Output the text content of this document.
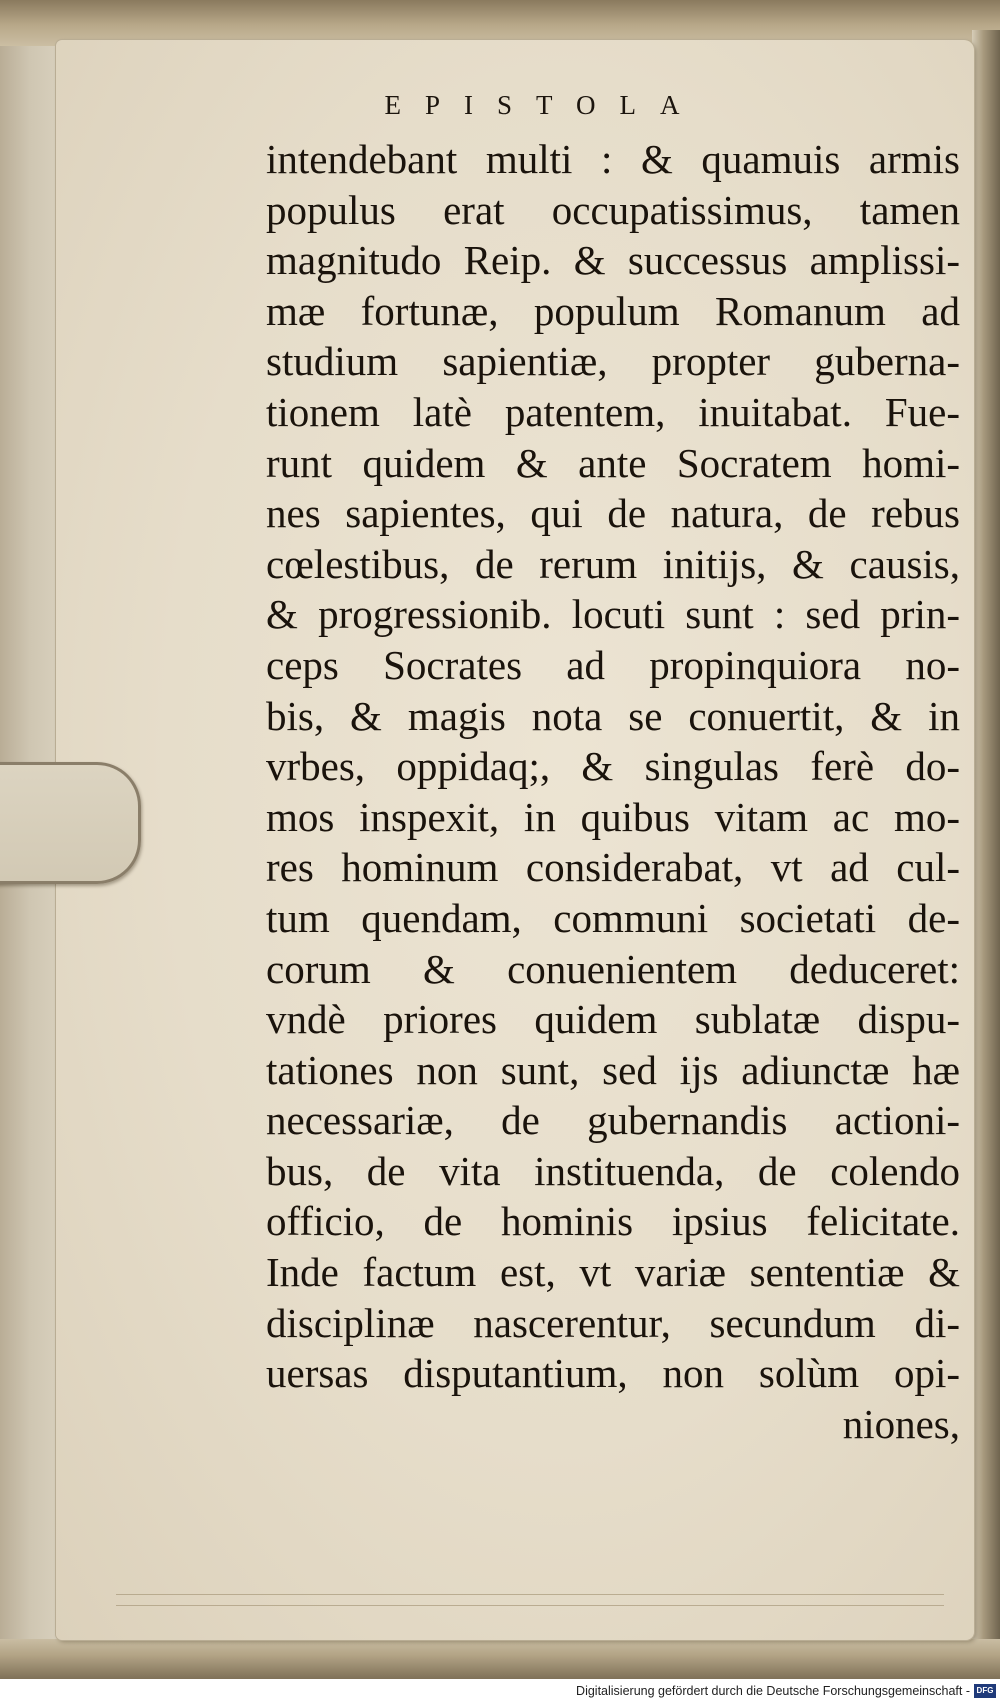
EPISTOLA
intendebant multi : & quamuis armis
populus erat occupatissimus, tamen
magnitudo Reip. & successus amplissi-
mæ fortunæ, populum Romanum ad
studium sapientiæ, propter guberna-
tionem latè patentem, inuitabat. Fue-
runt quidem & ante Socratem homi-
nes sapientes, qui de natura, de rebus
cœlestibus, de rerum initijs, & causis,
& progressionib. locuti sunt : sed prin-
ceps Socrates ad propinquiora no-
bis, & magis nota se conuertit, & in
vrbes, oppidaq;, & singulas ferè do-
mos inspexit, in quibus vitam ac mo-
res hominum considerabat, vt ad cul-
tum quendam, communi societati de-
corum & conuenientem deduceret:
vndè priores quidem sublatæ dispu-
tationes non sunt, sed ijs adiunctæ hæ
necessariæ, de gubernandis actioni-
bus, de vita instituenda, de colendo
officio, de hominis ipsius felicitate.
Inde factum est, vt variæ sententiæ &
disciplinæ nascerentur, secundum di-
uersas disputantium, non solùm opi-
niones,
Digitalisierung gefördert durch die Deutsche Forschungsgemeinschaft - DFG
